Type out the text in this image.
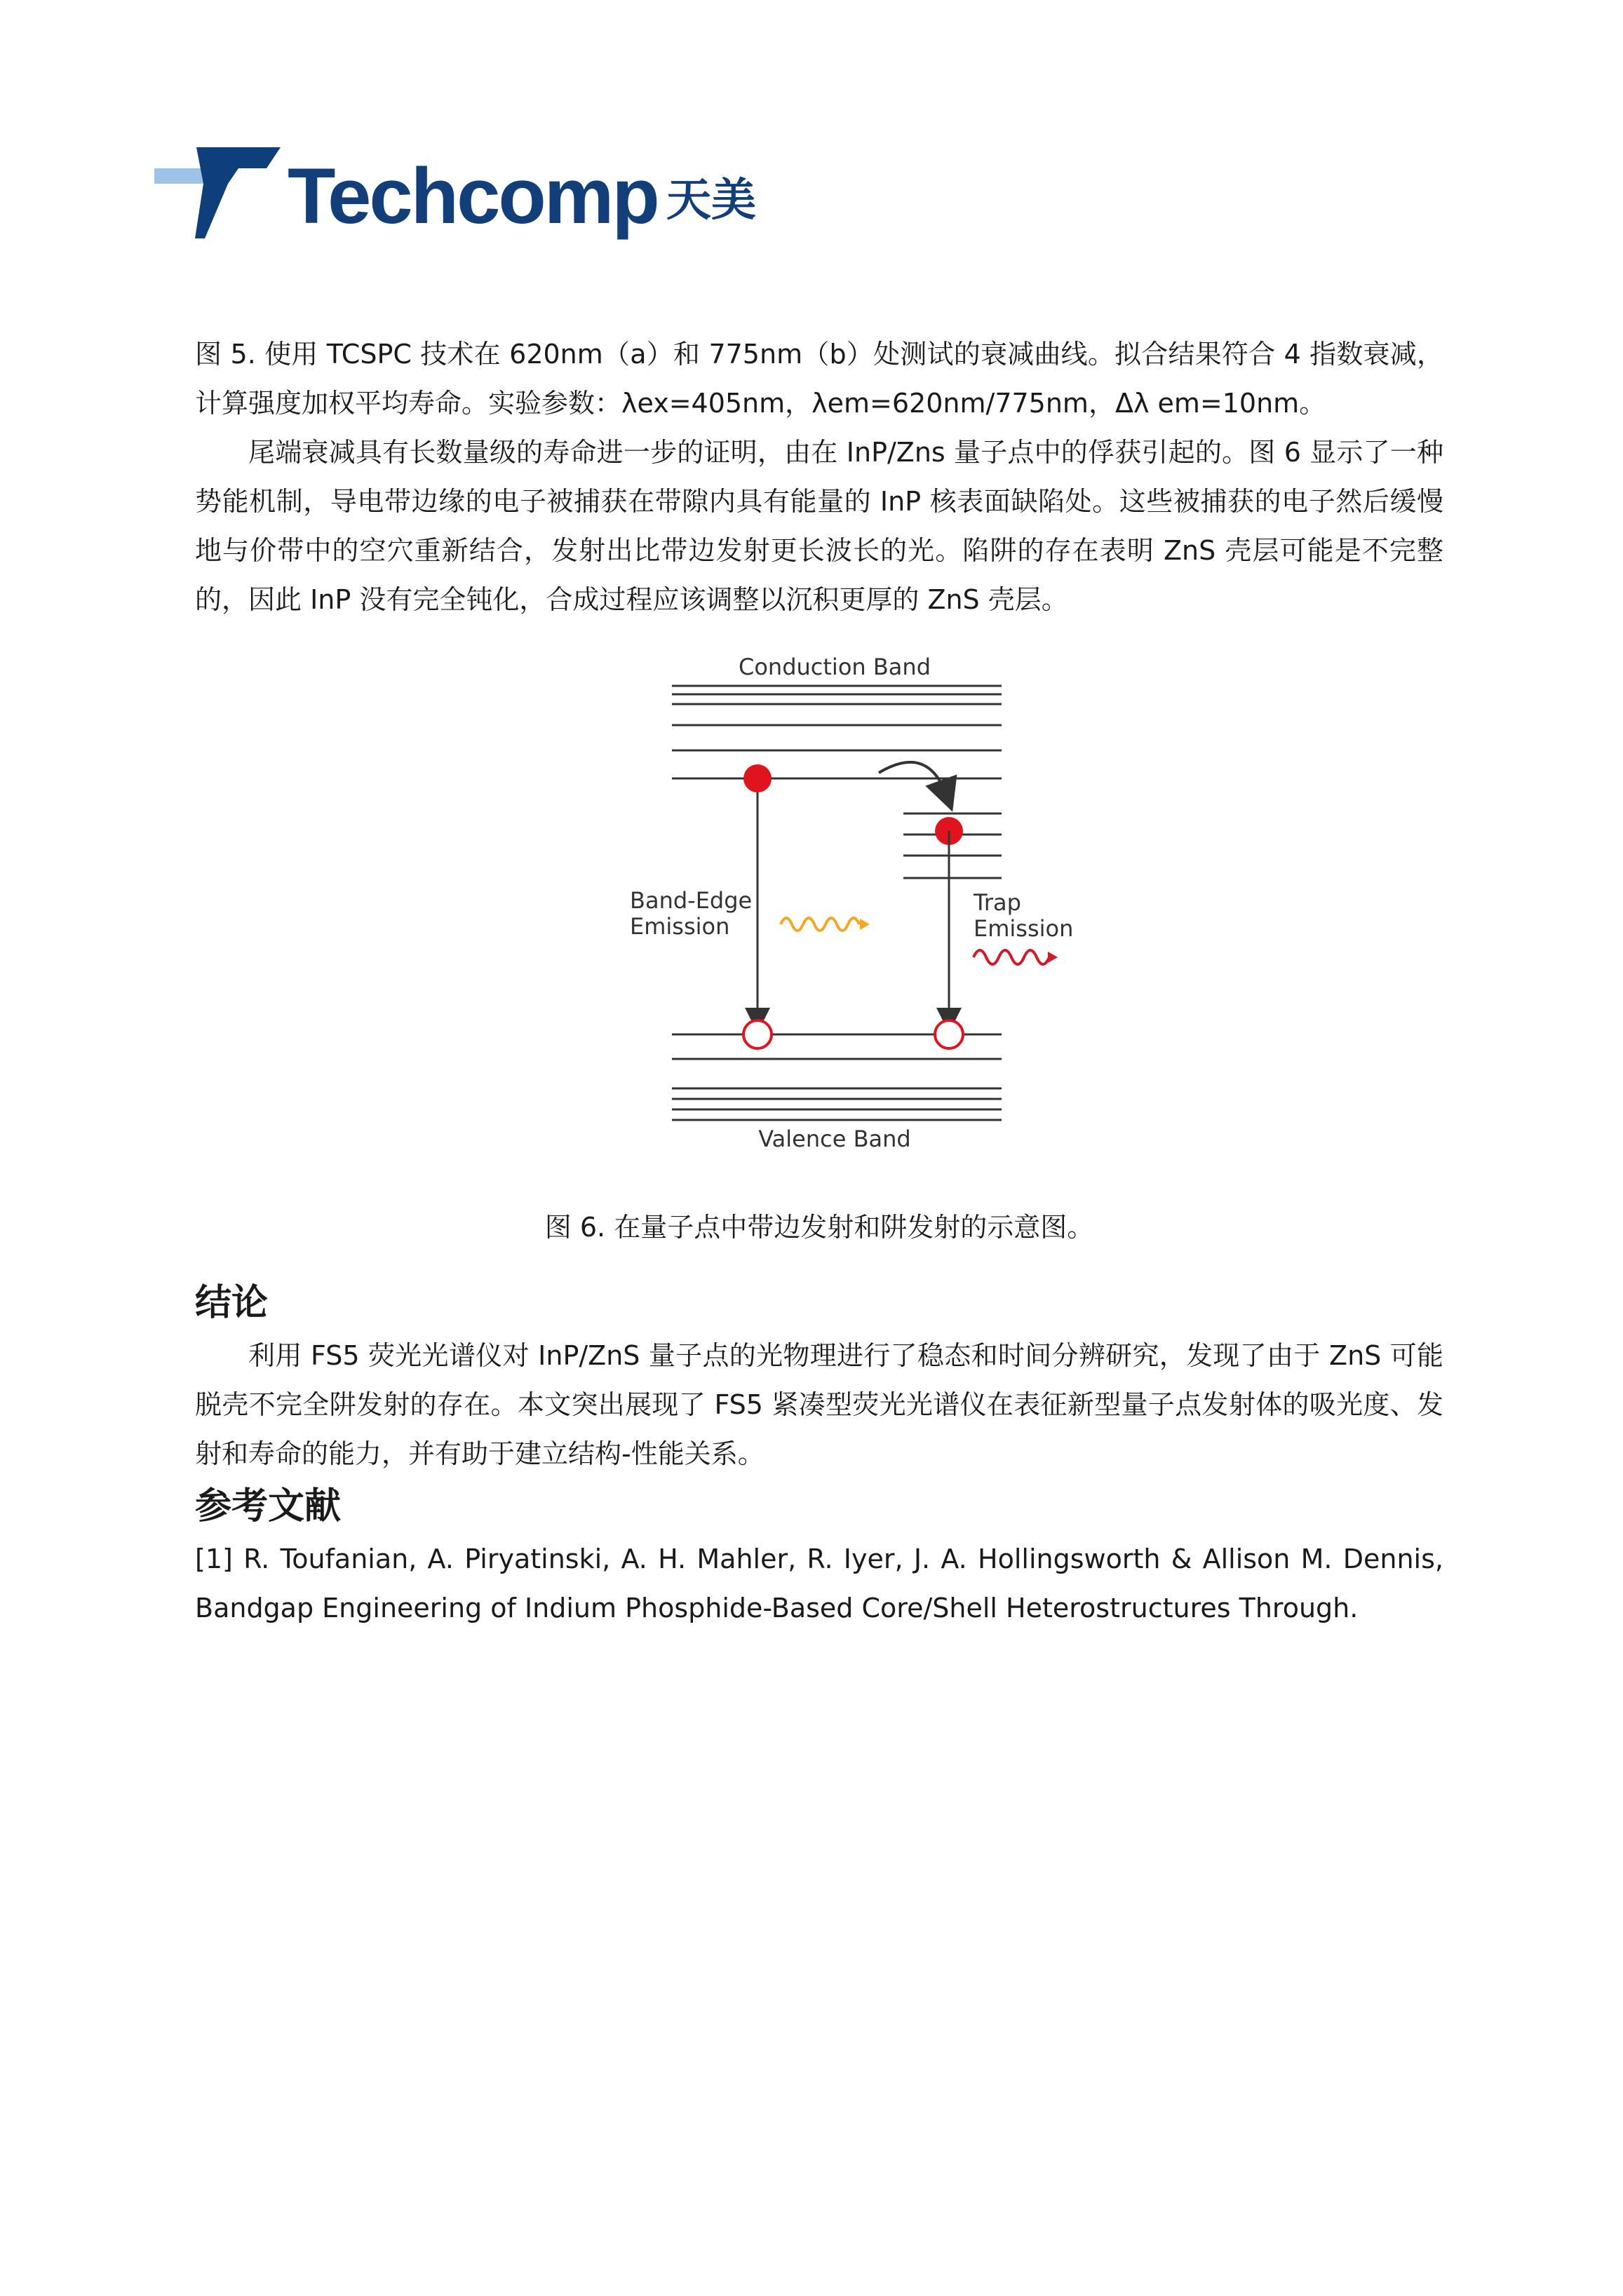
Techcomp 天美

图 5. 使用 TCSPC 技术在 620nm（a）和 775nm（b）处测试的衰减曲线。拟合结果符合 4 指数衰减，计算强度加权平均寿命。实验参数：λex=405nm，λem=620nm/775nm，Δλ em=10nm。

尾端衰减具有长数量级的寿命进一步的证明，由在 InP/Zns 量子点中的俘获引起的。图 6 显示了一种势能机制，导电带边缘的电子被捕获在带隙内具有能量的 InP 核表面缺陷处。这些被捕获的电子然后缓慢地与价带中的空穴重新结合，发射出比带边发射更长波长的光。陷阱的存在表明 ZnS 壳层可能是不完整的，因此 InP 没有完全钝化，合成过程应该调整以沉积更厚的 ZnS 壳层。

Conduction Band
Valence Band
Band-Edge
Emission
Trap
Emission

图 6. 在量子点中带边发射和阱发射的示意图。

结论

利用 FS5 荧光光谱仪对 InP/ZnS 量子点的光物理进行了稳态和时间分辨研究，发现了由于 ZnS 可能脱壳不完全阱发射的存在。本文突出展现了 FS5 紧凑型荧光光谱仪在表征新型量子点发射体的吸光度、发射和寿命的能力，并有助于建立结构-性能关系。

参考文献

[1] R. Toufanian, A. Piryatinski, A. H. Mahler, R. Iyer, J. A. Hollingsworth & Allison M. Dennis, Bandgap Engineering of Indium Phosphide-Based Core/Shell Heterostructures Through.
